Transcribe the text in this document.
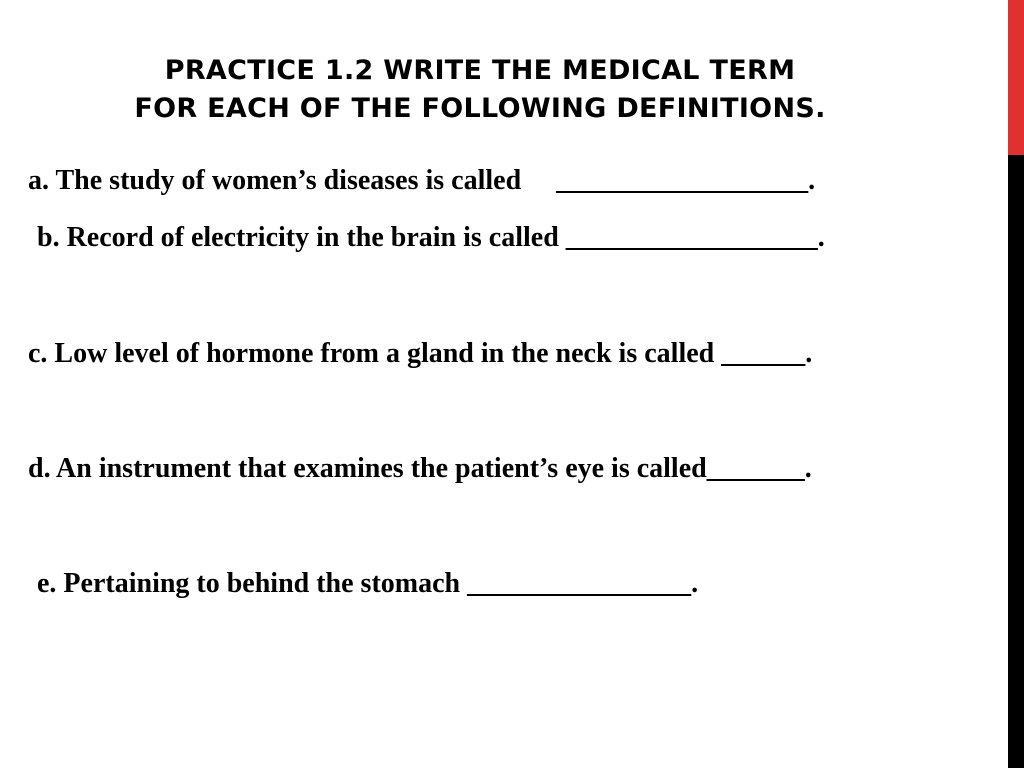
PRACTICE 1.2 WRITE THE MEDICAL TERM
FOR EACH OF THE FOLLOWING DEFINITIONS.
a. The study of women’s diseases is called     __________________.
b. Record of electricity in the brain is called __________________.
c. Low level of hormone from a gland in the neck is called ______.
d. An instrument that examines the patient’s eye is called_______.
e. Pertaining to behind the stomach ________________.
